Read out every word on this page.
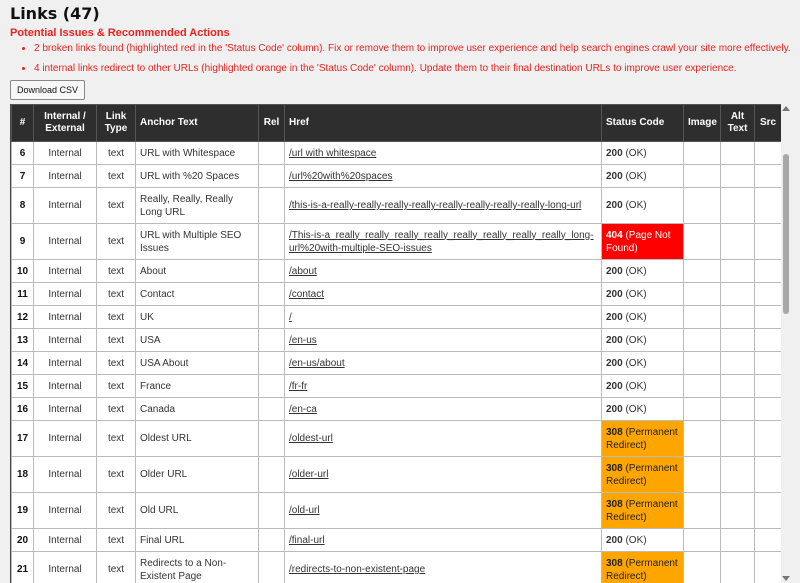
Links (47)
Potential Issues & Recommended Actions
• 2 broken links found (highlighted red in the 'Status Code' column). Fix or remove them to improve user experience and help search engines crawl your site more effectively.
• 4 internal links redirect to other URLs (highlighted orange in the 'Status Code' column). Update them to their final destination URLs to improve user experience.
Download CSV
#	Internal / External	Link Type	Anchor Text	Rel	Href	Status Code	Image	Alt Text	Src
6	Internal	text	URL with Whitespace		/url with whitespace	200 (OK)			
7	Internal	text	URL with %20 Spaces		/url%20with%20spaces	200 (OK)			
8	Internal	text	Really, Really, Really Long URL		/this-is-a-really-really-really-really-really-really-really-really-long-url	200 (OK)			
9	Internal	text	URL with Multiple SEO Issues		/This-is-a_really_really_really_really_really_really_really_really_long-url%20with-multiple-SEO-issues	404 (Page Not Found)			
10	Internal	text	About		/about	200 (OK)			
11	Internal	text	Contact		/contact	200 (OK)			
12	Internal	text	UK		/	200 (OK)			
13	Internal	text	USA		/en-us	200 (OK)			
14	Internal	text	USA About		/en-us/about	200 (OK)			
15	Internal	text	France		/fr-fr	200 (OK)			
16	Internal	text	Canada		/en-ca	200 (OK)			
17	Internal	text	Oldest URL		/oldest-url	308 (Permanent Redirect)			
18	Internal	text	Older URL		/older-url	308 (Permanent Redirect)			
19	Internal	text	Old URL		/old-url	308 (Permanent Redirect)			
20	Internal	text	Final URL		/final-url	200 (OK)			
21	Internal	text	Redirects to a Non-Existent Page		/redirects-to-non-existent-page	308 (Permanent Redirect)			
